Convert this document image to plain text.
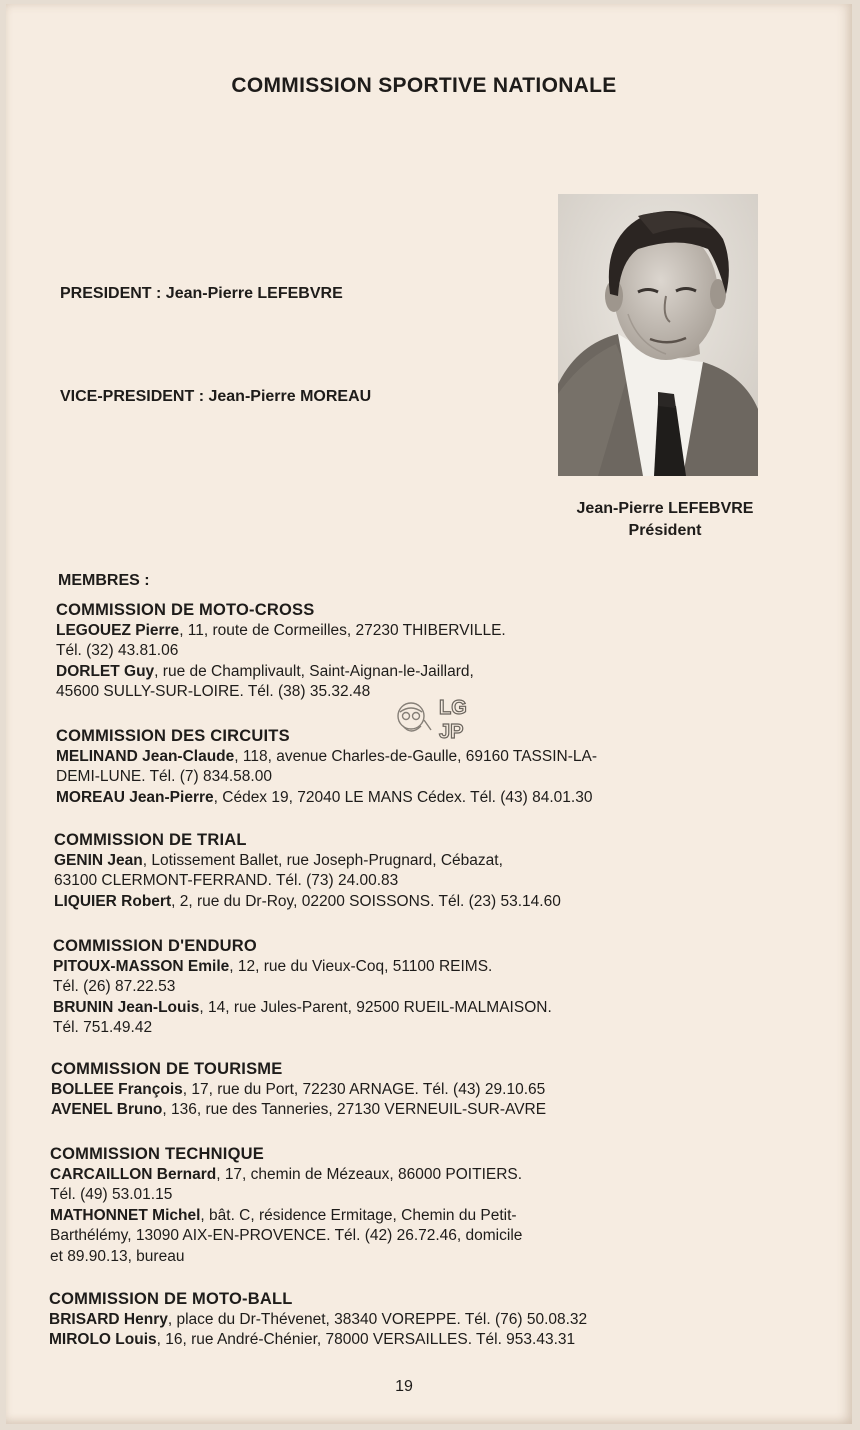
COMMISSION SPORTIVE NATIONALE
PRESIDENT : Jean-Pierre LEFEBVRE
VICE-PRESIDENT : Jean-Pierre MOREAU
Jean-Pierre LEFEBVRE
Président
MEMBRES :
COMMISSION DE MOTO-CROSS

LEGOUEZ Pierre, 11, route de Cormeilles, 27230 THIBERVILLE.

Tél. (32) 43.81.06

DORLET Guy, rue de Champlivault, Saint-Aignan-le-Jaillard,

45600 SULLY-SUR-LOIRE. Tél. (38) 35.32.48

LG
JP
COMMISSION DES CIRCUITS

MELINAND Jean-Claude, 118, avenue Charles-de-Gaulle, 69160 TASSIN-LA-

DEMI-LUNE. Tél. (7) 834.58.00

MOREAU Jean-Pierre, Cédex 19, 72040 LE MANS Cédex. Tél. (43) 84.01.30

COMMISSION DE TRIAL

GENIN Jean, Lotissement Ballet, rue Joseph-Prugnard, Cébazat,

63100 CLERMONT-FERRAND. Tél. (73) 24.00.83

LIQUIER Robert, 2, rue du Dr-Roy, 02200 SOISSONS. Tél. (23) 53.14.60

COMMISSION D'ENDURO

PITOUX-MASSON Emile, 12, rue du Vieux-Coq, 51100 REIMS.

Tél. (26) 87.22.53

BRUNIN Jean-Louis, 14, rue Jules-Parent, 92500 RUEIL-MALMAISON.

Tél. 751.49.42

COMMISSION DE TOURISME

BOLLEE François, 17, rue du Port, 72230 ARNAGE. Tél. (43) 29.10.65

AVENEL Bruno, 136, rue des Tanneries, 27130 VERNEUIL-SUR-AVRE

COMMISSION TECHNIQUE

CARCAILLON Bernard, 17, chemin de Mézeaux, 86000 POITIERS.

Tél. (49) 53.01.15

MATHONNET Michel, bât. C, résidence Ermitage, Chemin du Petit-

Barthélémy, 13090 AIX-EN-PROVENCE. Tél. (42) 26.72.46, domicile

et 89.90.13, bureau

COMMISSION DE MOTO-BALL

BRISARD Henry, place du Dr-Thévenet, 38340 VOREPPE. Tél. (76) 50.08.32

MIROLO Louis, 16, rue André-Chénier, 78000 VERSAILLES. Tél. 953.43.31

19
